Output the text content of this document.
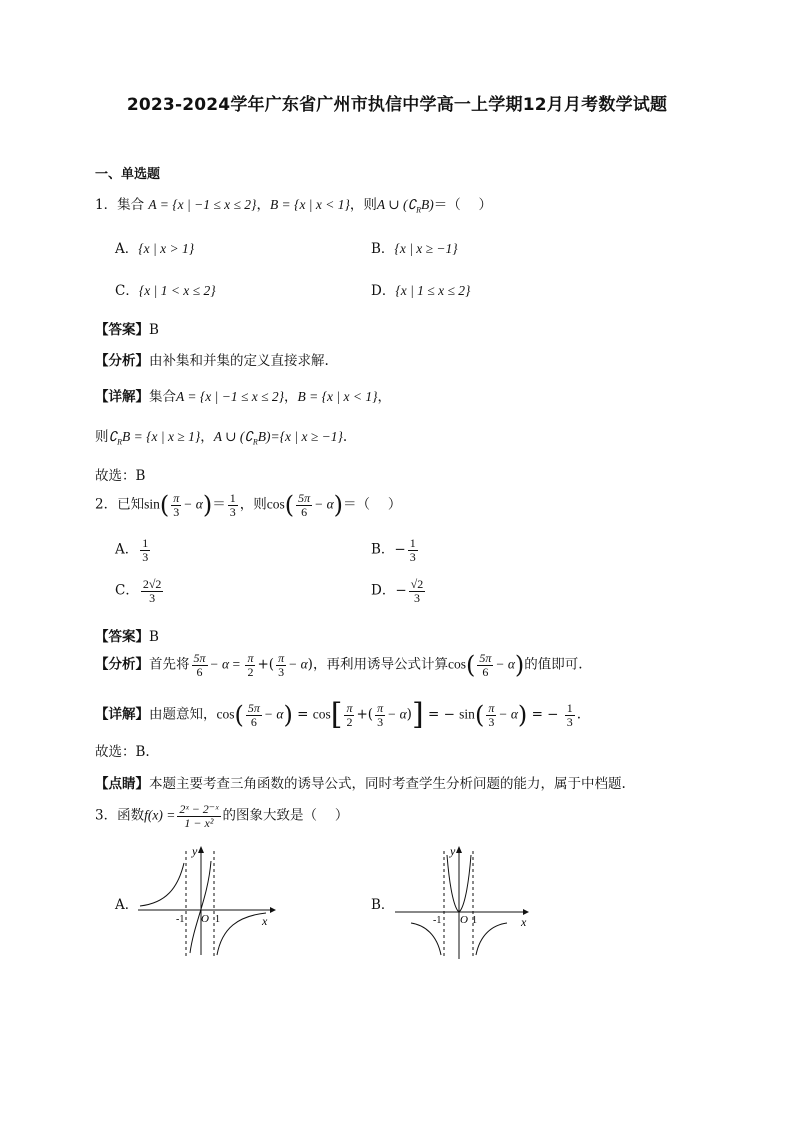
2023-2024学年广东省广州市执信中学高一上学期12月月考数学试题
一、单选题
1．集合 A = {x | −1 ≤ x ≤ 2}，B = {x | x < 1}，则A ∪ $(∁_RB)=$（　 ）
A．{x | x > 1}	B．{x | x ≥ −1}
C．{x | 1 < x ≤ 2}	D．{x | 1 ≤ x ≤ 2}
【答案】B
【分析】由补集和并集的定义直接求解.
【详解】集合A = {x | −1 ≤ x ≤ 2}，B = {x | x < 1}，
则$∁_RB = \{x$ | x ≥ 1}，A ∪ $(∁_RB)=\{x$ | x ≥ −1}.
故选：B
2．已知$\sin( \frac{\pi}{3} - \alpha)= \frac{1}{3}$ ，则$\cos( \frac{5\pi}{6} - \alpha)=$（　 ）
A． $\frac{1}{3}$	B．− $\frac{1}{3}$
C． $\frac{2√2}{3}$	D．− $\frac{√2}{3}$
【答案】B
【分析】首先将 $\frac{5\pi}{6} - \alpha = \frac{\pi}{2}$ +( $\frac{\pi}{3} - \alpha$)，再利用诱导公式计算$\cos( \frac{5\pi}{6} - \alpha)$的值即可.
【详解】由题意知，$\cos( \frac{5\pi}{6} - \alpha) = \cos[ \frac{\pi}{2}$ +( $\frac{\pi}{3} - \alpha$)] = − $\sin( \frac{\pi}{3} - \alpha)$ = − $\frac{1}{3}$ .
故选：B.
【点睛】本题主要考查三角函数的诱导公式，同时考查学生分析问题的能力，属于中档题.
3．函数$f(x) = \frac{\text{2ˣ − 2⁻ˣ}}{\text{1 − x²}}$ 的图象大致是（　 ）
A．	B．
-1 O 1	x
y
-1 O 1	x
y
